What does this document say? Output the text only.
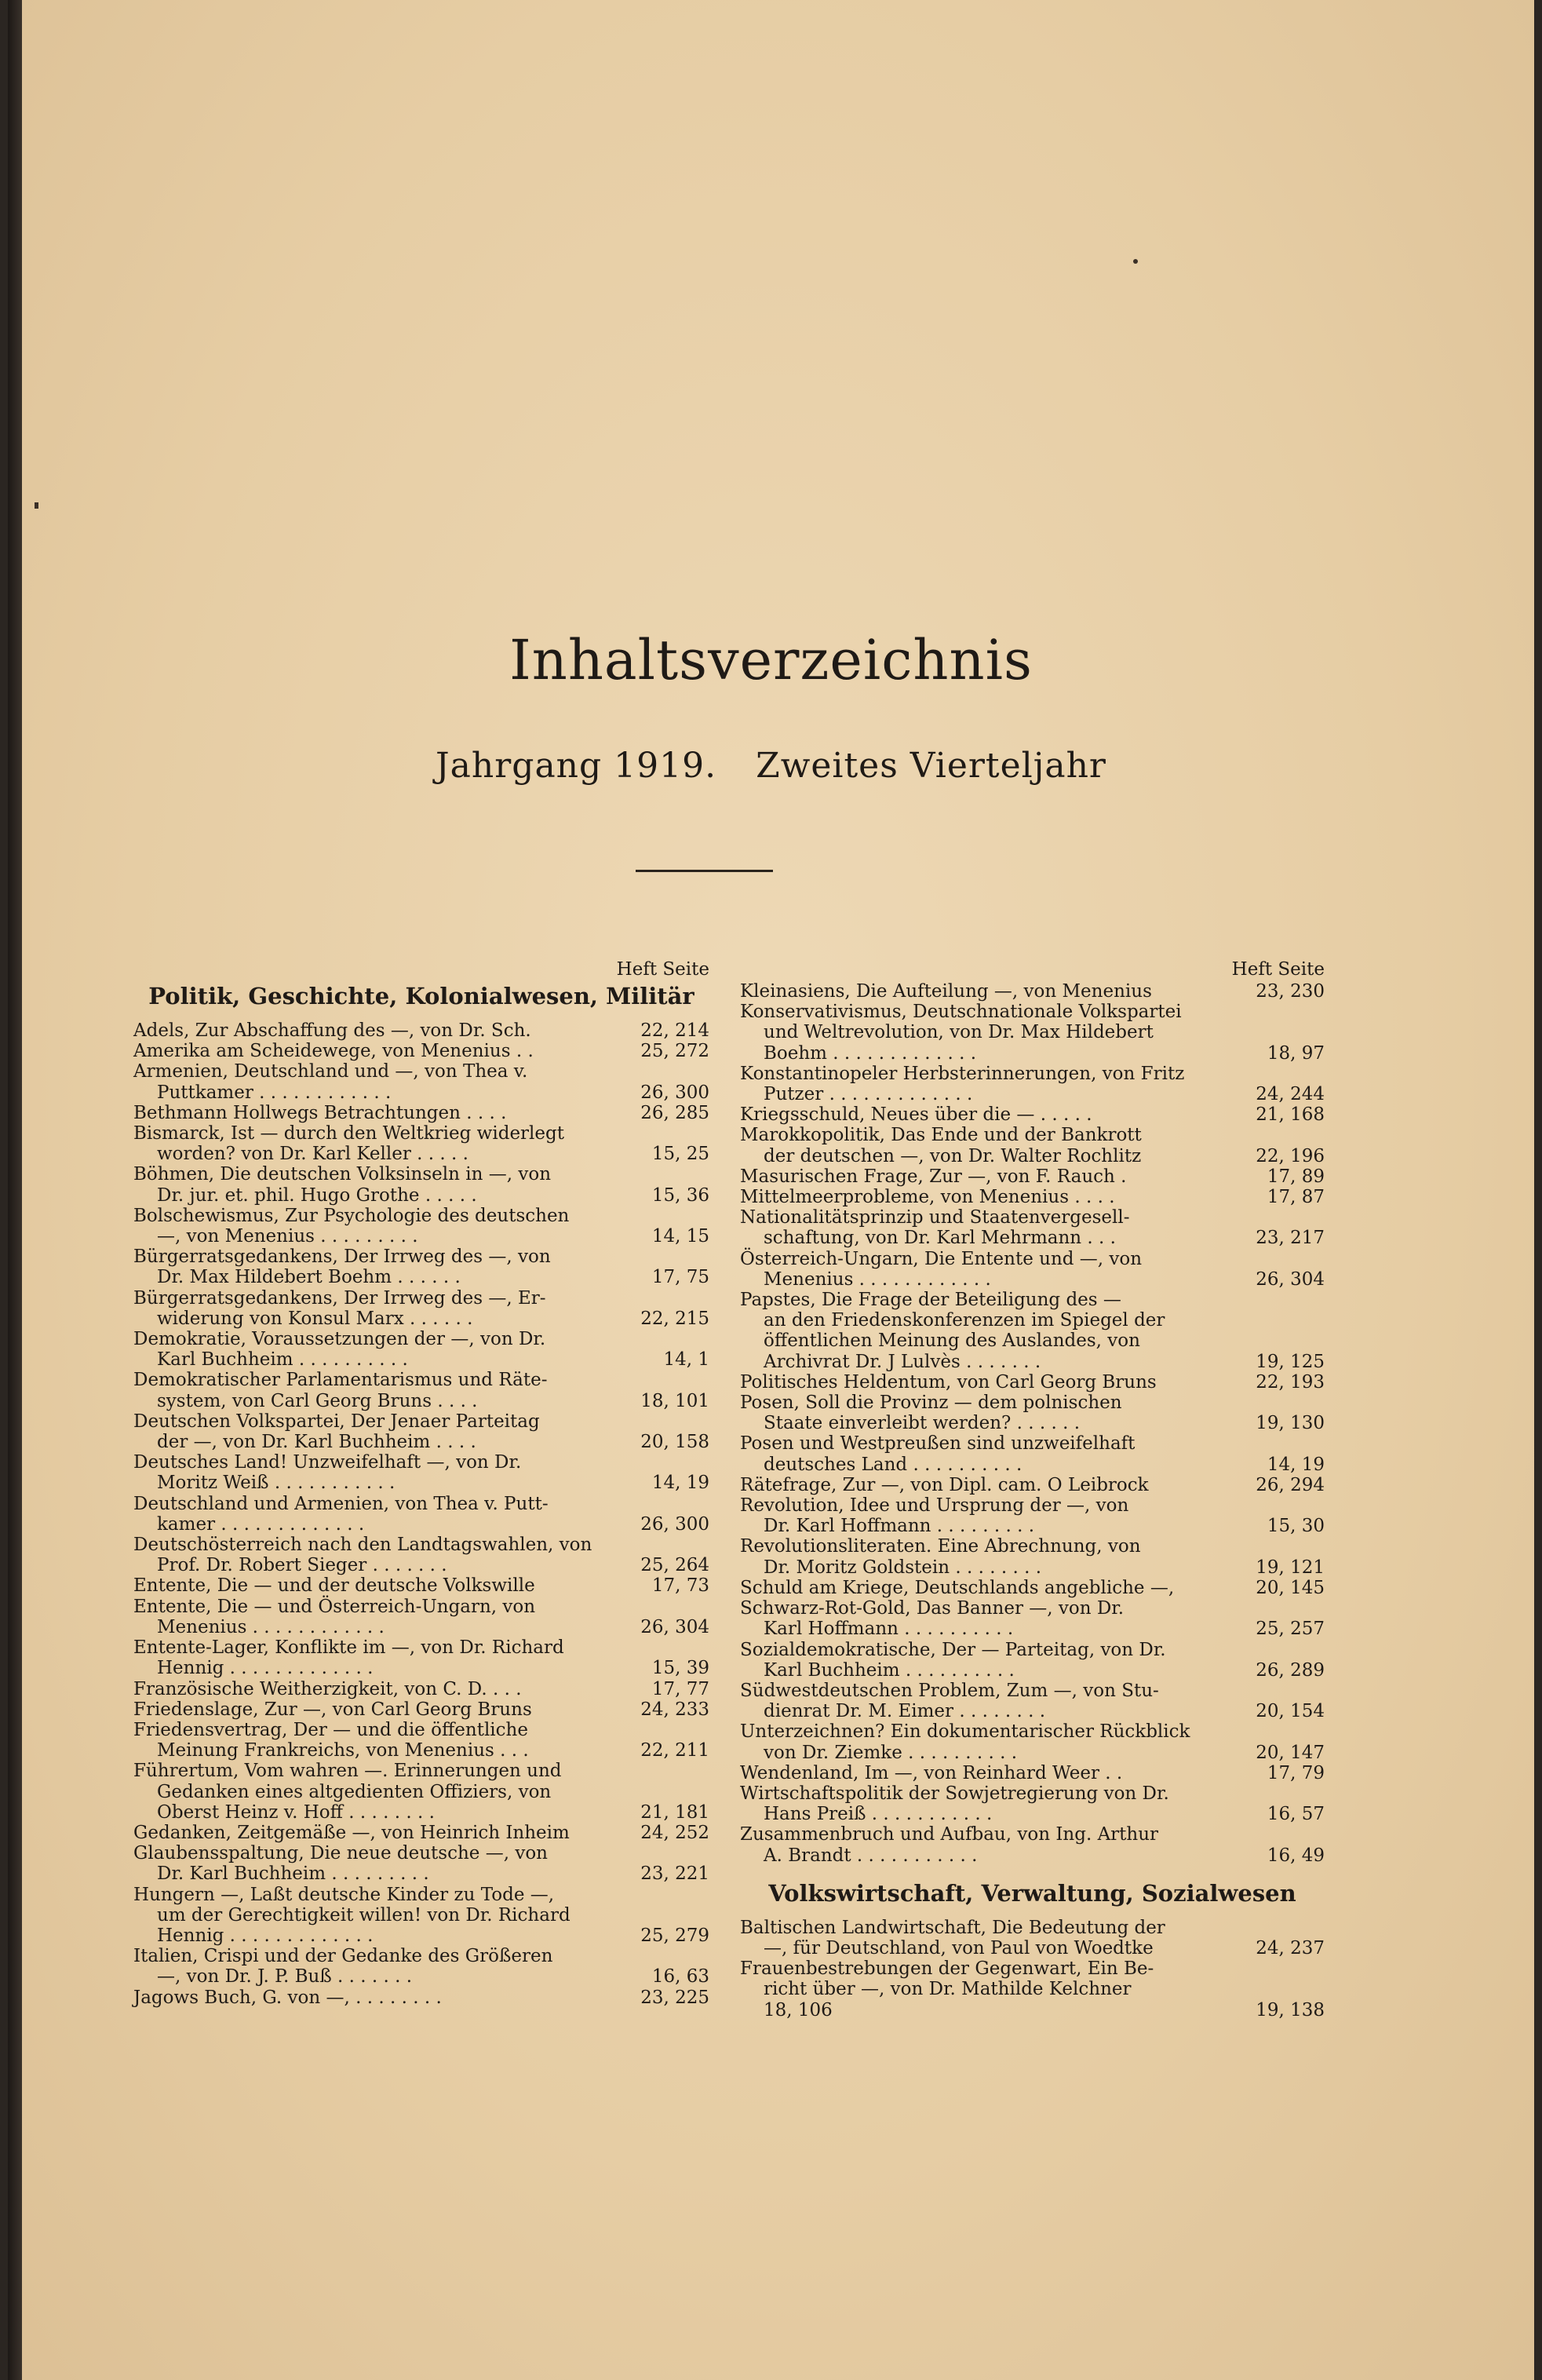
Inhaltsverzeichnis
Jahrgang 1919. Zweites Vierteljahr
Heft Seite
Politik, Geschichte, Kolonialwesen, Militär
Adels, Zur Abschaffung des —, von Dr. Sch.	22, 214
Amerika am Scheidewege, von Menenius . .	25, 272
Armenien, Deutschland und —, von Thea v.
Puttkamer . . . . . . . . . . . .	26, 300
Bethmann Hollwegs Betrachtungen . . . .	26, 285
Bismarck, Ist — durch den Weltkrieg widerlegt
worden? von Dr. Karl Keller . . . . .	15, 25
Böhmen, Die deutschen Volksinseln in —, von
Dr. jur. et. phil. Hugo Grothe . . . . .	15, 36
Bolschewismus, Zur Psychologie des deutschen
—, von Menenius . . . . . . . . .	14, 15
Bürgerratsgedankens, Der Irrweg des —, von
Dr. Max Hildebert Boehm . . . . . .	17, 75
Bürgerratsgedankens, Der Irrweg des —, Er-
widerung von Konsul Marx . . . . . .	22, 215
Demokratie, Voraussetzungen der —, von Dr.
Karl Buchheim . . . . . . . . . .	14, 1
Demokratischer Parlamentarismus und Räte-
system, von Carl Georg Bruns . . . .	18, 101
Deutschen Volkspartei, Der Jenaer Parteitag
der —, von Dr. Karl Buchheim . . . .	20, 158
Deutsches Land! Unzweifelhaft —, von Dr.
Moritz Weiß . . . . . . . . . . .	14, 19
Deutschland und Armenien, von Thea v. Putt-
kamer . . . . . . . . . . . . .	26, 300
Deutschösterreich nach den Landtagswahlen, von
Prof. Dr. Robert Sieger . . . . . . .	25, 264
Entente, Die — und der deutsche Volkswille	17, 73
Entente, Die — und Österreich-Ungarn, von
Menenius . . . . . . . . . . . .	26, 304
Entente-Lager, Konflikte im —, von Dr. Richard
Hennig . . . . . . . . . . . . .	15, 39
Französische Weitherzigkeit, von C. D. . . .	17, 77
Friedenslage, Zur —, von Carl Georg Bruns	24, 233
Friedensvertrag, Der — und die öffentliche
Meinung Frankreichs, von Menenius . . .	22, 211
Führertum, Vom wahren —. Erinnerungen und
Gedanken eines altgedienten Offiziers, von
Oberst Heinz v. Hoff . . . . . . . .	21, 181
Gedanken, Zeitgemäße —, von Heinrich Inheim	24, 252
Glaubensspaltung, Die neue deutsche —, von
Dr. Karl Buchheim . . . . . . . . .	23, 221
Hungern —, Laßt deutsche Kinder zu Tode —,
um der Gerechtigkeit willen! von Dr. Richard
Hennig . . . . . . . . . . . . .	25, 279
Italien, Crispi und der Gedanke des Größeren
—, von Dr. J. P. Buß . . . . . . .	16, 63
Jagows Buch, G. von —, . . . . . . . .	23, 225
Heft Seite
Kleinasiens, Die Aufteilung —, von Menenius	23, 230
Konservativismus, Deutschnationale Volkspartei
und Weltrevolution, von Dr. Max Hildebert
Boehm . . . . . . . . . . . . .	18, 97
Konstantinopeler Herbsterinnerungen, von Fritz
Putzer . . . . . . . . . . . . .	24, 244
Kriegsschuld, Neues über die — . . . . .	21, 168
Marokkopolitik, Das Ende und der Bankrott
der deutschen —, von Dr. Walter Rochlitz	22, 196
Masurischen Frage, Zur —, von F. Rauch .	17, 89
Mittelmeerprobleme, von Menenius . . . .	17, 87
Nationalitätsprinzip und Staatenvergesell-
schaftung, von Dr. Karl Mehrmann . . .	23, 217
Österreich-Ungarn, Die Entente und —, von
Menenius . . . . . . . . . . . .	26, 304
Papstes, Die Frage der Beteiligung des —
an den Friedenskonferenzen im Spiegel der
öffentlichen Meinung des Auslandes, von
Archivrat Dr. J Lulvès . . . . . . .	19, 125
Politisches Heldentum, von Carl Georg Bruns	22, 193
Posen, Soll die Provinz — dem polnischen
Staate einverleibt werden? . . . . . .	19, 130
Posen und Westpreußen sind unzweifelhaft
deutsches Land . . . . . . . . . .	14, 19
Rätefrage, Zur —, von Dipl. cam. O Leibrock	26, 294
Revolution, Idee und Ursprung der —, von
Dr. Karl Hoffmann . . . . . . . . .	15, 30
Revolutionsliteraten. Eine Abrechnung, von
Dr. Moritz Goldstein . . . . . . . .	19, 121
Schuld am Kriege, Deutschlands angebliche —,	20, 145
Schwarz-Rot-Gold, Das Banner —, von Dr.
Karl Hoffmann . . . . . . . . . .	25, 257
Sozialdemokratische, Der — Parteitag, von Dr.
Karl Buchheim . . . . . . . . . .	26, 289
Südwestdeutschen Problem, Zum —, von Stu-
dienrat Dr. M. Eimer . . . . . . . .	20, 154
Unterzeichnen? Ein dokumentarischer Rückblick
von Dr. Ziemke . . . . . . . . . .	20, 147
Wendenland, Im —, von Reinhard Weer . .	17, 79
Wirtschaftspolitik der Sowjetregierung von Dr.
Hans Preiß . . . . . . . . . . .	16, 57
Zusammenbruch und Aufbau, von Ing. Arthur
A. Brandt . . . . . . . . . . .	16, 49
Volkswirtschaft, Verwaltung, Sozialwesen
Baltischen Landwirtschaft, Die Bedeutung der
—, für Deutschland, von Paul von Woedtke	24, 237
Frauenbestrebungen der Gegenwart, Ein Be-
richt über —, von Dr. Mathilde Kelchner
18, 106	19, 138
